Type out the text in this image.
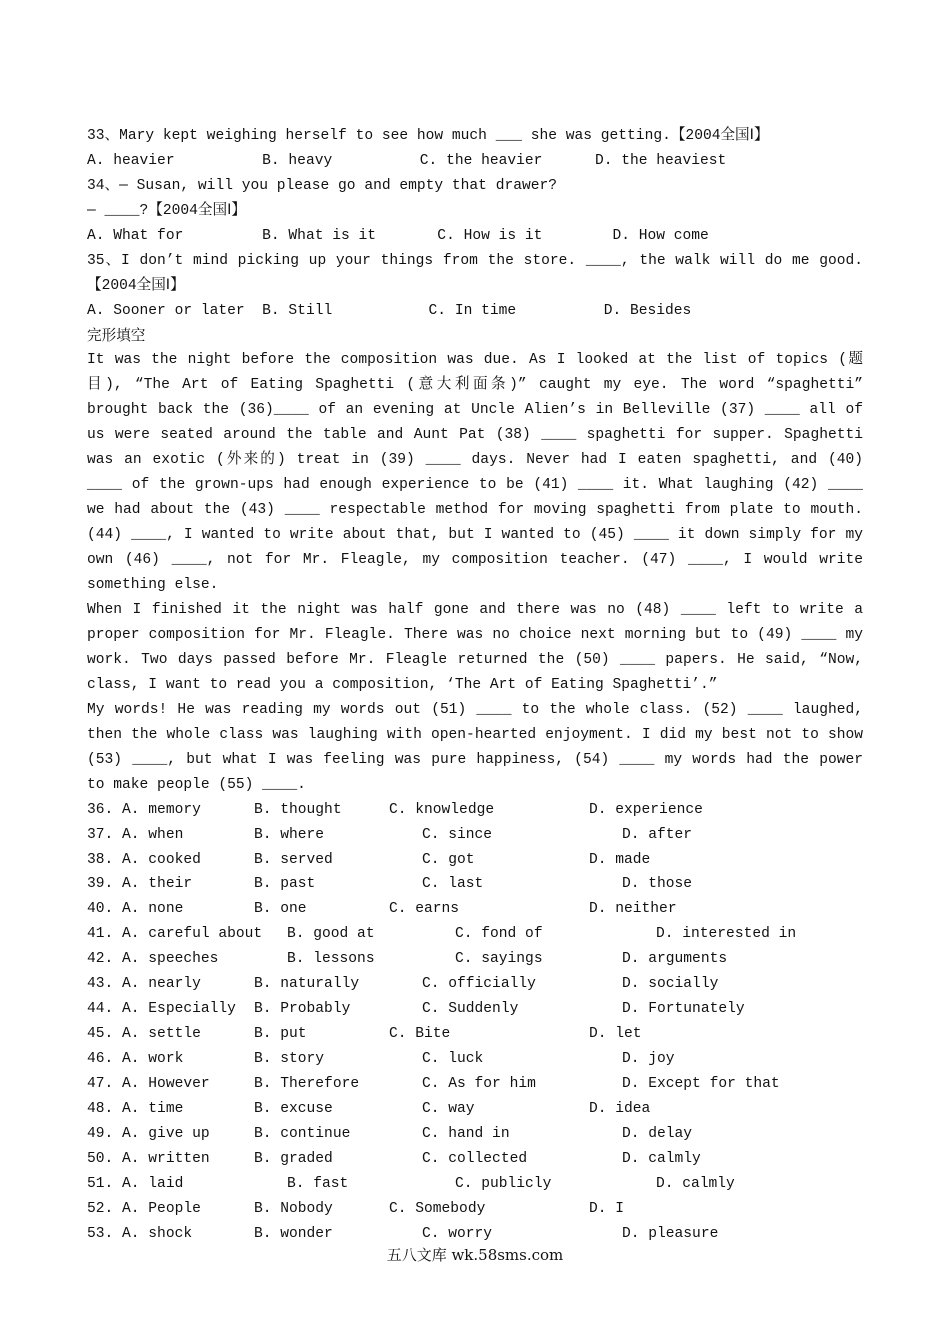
33、Mary kept weighing herself to see how much ___ she was getting.【2004全国Ⅰ】
A. heavier          B. heavy          C. the heavier      D. the heaviest
34、— Susan, will you please go and empty that drawer?
— ____?【2004全国Ⅰ】
A. What for         B. What is it       C. How is it        D. How come
35、I don’t mind picking up your things from the store. ____, the walk will do me good.【2004全国Ⅰ】
A. Sooner or later  B. Still           C. In time          D. Besides
完形填空
It was the night before the composition was due. As I looked at the list of topics (题目), “The Art of Eating Spaghetti (意大利面条)” caught my eye. The word “spaghetti” brought back the (36)____ of an evening at Uncle Alien’s in Belleville (37) ____ all of us were seated around the table and Aunt Pat (38) ____ spaghetti for supper. Spaghetti was an exotic (外来的) treat in (39) ____ days. Never had I eaten spaghetti, and (40) ____ of the grown-ups had enough experience to be (41) ____ it. What laughing (42) ____ we had about the (43) ____ respectable method for moving spaghetti from plate to mouth. (44) ____, I wanted to write about that, but I wanted to (45) ____ it down simply for my own (46) ____, not for Mr. Fleagle, my composition teacher. (47) ____, I would write something else.
When I finished it the night was half gone and there was no (48) ____ left to write a proper composition for Mr. Fleagle. There was no choice next morning but to (49) ____ my work. Two days passed before Mr. Fleagle returned the (50) ____ papers. He said, “Now, class, I want to read you a composition, ‘The Art of Eating Spaghetti’.”
My words! He was reading my words out (51) ____ to the whole class. (52) ____ laughed, then the whole class was laughing with open-hearted enjoyment. I did my best not to show (53) ____, but what I was feeling was pure happiness, (54) ____ my words had the power to make people (55) ____.
36. A. memory	B. thought	C. knowledge	D. experience
37. A. when	B. where	C. since	D. after
38. A. cooked	B. served	C. got	D. made
39. A. their	B. past	C. last	D. those
40. A. none	B. one	C. earns	D. neither
41. A. careful about B. good at	C. fond of	D. interested in
42. A. speeches	B. lessons	C. sayings	D. arguments
43. A. nearly	B. naturally	C. officially	D. socially
44. A. Especially B. Probably	C. Suddenly	D. Fortunately
45. A. settle	B. put	C. Bite	D. let
46. A. work	B. story	C. luck	D. joy
47. A. However	B. Therefore	C. As for him	D. Except for that
48. A. time	B. excuse	C. way	D. idea
49. A. give up	B. continue	C. hand in	D. delay
50. A. written	B. graded	C. collected	D. calmly
51. A. laid	B. fast	C. publicly	D. calmly
52. A. People	B. Nobody	C. Somebody	D. I
53. A. shock	B. wonder	C. worry	D. pleasure
五八文库 wk.58sms.com
